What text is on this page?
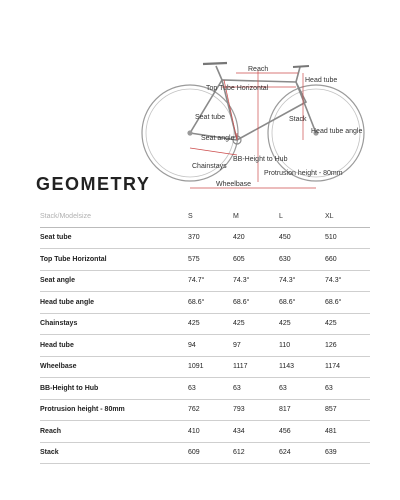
Reach
Head tube
Top Tube Horizontal
Seat tube	Stack
Seat angle
Head tube angle
BB-Height to Hub
Chainstays
Protrusion height - 80mm
Wheelbase
GEOMETRY
Stack/Modelsize	S	M	L	XL
Seat tube	370	420	450	510
Top Tube Horizontal	575	605	630	660
Seat angle	74.7°	74.3°	74.3°	74.3°
Head tube angle	68.6°	68.6°	68.6°	68.6°
Chainstays	425	425	425	425
Head tube	94	97	110	126
Wheelbase	1091	1117	1143	1174
BB-Height to Hub	63	63	63	63
Protrusion height - 80mm	762	793	817	857
Reach	410	434	456	481
Stack	609	612	624	639
